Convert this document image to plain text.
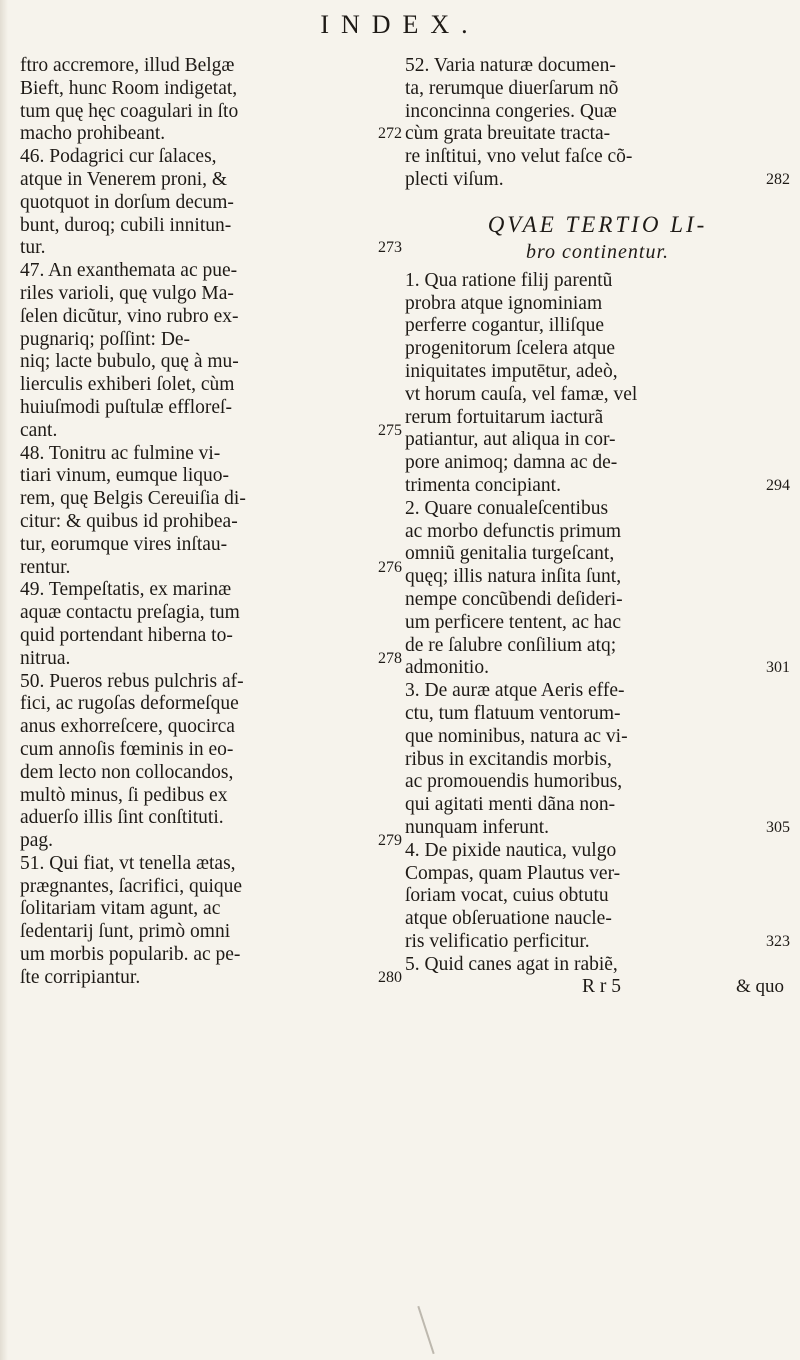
INDEX.
ftro accremore, illud Belgæ
Bieft, hunc Room indigetat,
tum quę hęc coagulari in ſto
macho prohibeant.	272
46. Podagrici cur ſalaces,
atque in Venerem proni, &
quotquot in dorſum decum-
bunt, duroq; cubili innitun-
tur.	273
47. An exanthemata ac pue-
riles varioli, quę vulgo Ma-
ſelen dicũtur, vino rubro ex-
pugnariq; poſſint: De-
niq; lacte bubulo, quę à mu-
lierculis exhiberi ſolet, cùm
huiuſmodi puſtulæ effloreſ-
cant.	275
48. Tonitru ac fulmine vi-
tiari vinum, eumque liquo-
rem, quę Belgis Cereuiſia di-
citur: & quibus id prohibea-
tur, eorumque vires inſtau-
rentur.	276
49. Tempeſtatis, ex marinæ
aquæ contactu preſagia, tum
quid portendant hiberna to-
nitrua.	278
50. Pueros rebus pulchris af-
fici, ac rugoſas deformeſque
anus exhorreſcere, quocirca
cum annoſis fœminis in eo-
dem lecto non collocandos,
multò minus, ſi pedibus ex
aduerſo illis ſint conſtituti.
pag.	279
51. Qui fiat, vt tenella ætas,
prægnantes, ſacrifici, quique
ſolitariam vitam agunt, ac
ſedentarij ſunt, primò omni
um morbis popularib. ac pe-
ſte corripiantur.	280
52. Varia naturæ documen-
ta, rerumque diuerſarum nõ
inconcinna congeries. Quæ
cùm grata breuitate tracta-
re inſtitui, vno velut faſce cõ-
plecti viſum.	282
QVAE TERTIO LI-
bro continentur.
1. Qua ratione filij parentũ
probra atque ignominiam
perferre cogantur, illiſque
progenitorum ſcelera atque
iniquitates imputētur, adeò,
vt horum cauſa, vel famæ, vel
rerum fortuitarum iacturã
patiantur, aut aliqua in cor-
pore animoq; damna ac de-
trimenta concipiant.	294
2. Quare conualeſcentibus
ac morbo defunctis primum
omniũ genitalia turgeſcant,
quęq; illis natura inſita ſunt,
nempe concũbendi deſideri-
um perficere tentent, ac hac
de re ſalubre conſilium atq;
admonitio.	301
3. De auræ atque Aeris effe-
ctu, tum flatuum ventorum-
que nominibus, natura ac vi-
ribus in excitandis morbis,
ac promouendis humoribus,
qui agitati menti dãna non-
nunquam inferunt.	305
4. De pixide nautica, vulgo
Compas, quam Plautus ver-
ſoriam vocat, cuius obtutu
atque obſeruatione naucle-
ris velificatio perficitur.	323
5. Quid canes agat in rabiẽ,
R r 5	& quo
